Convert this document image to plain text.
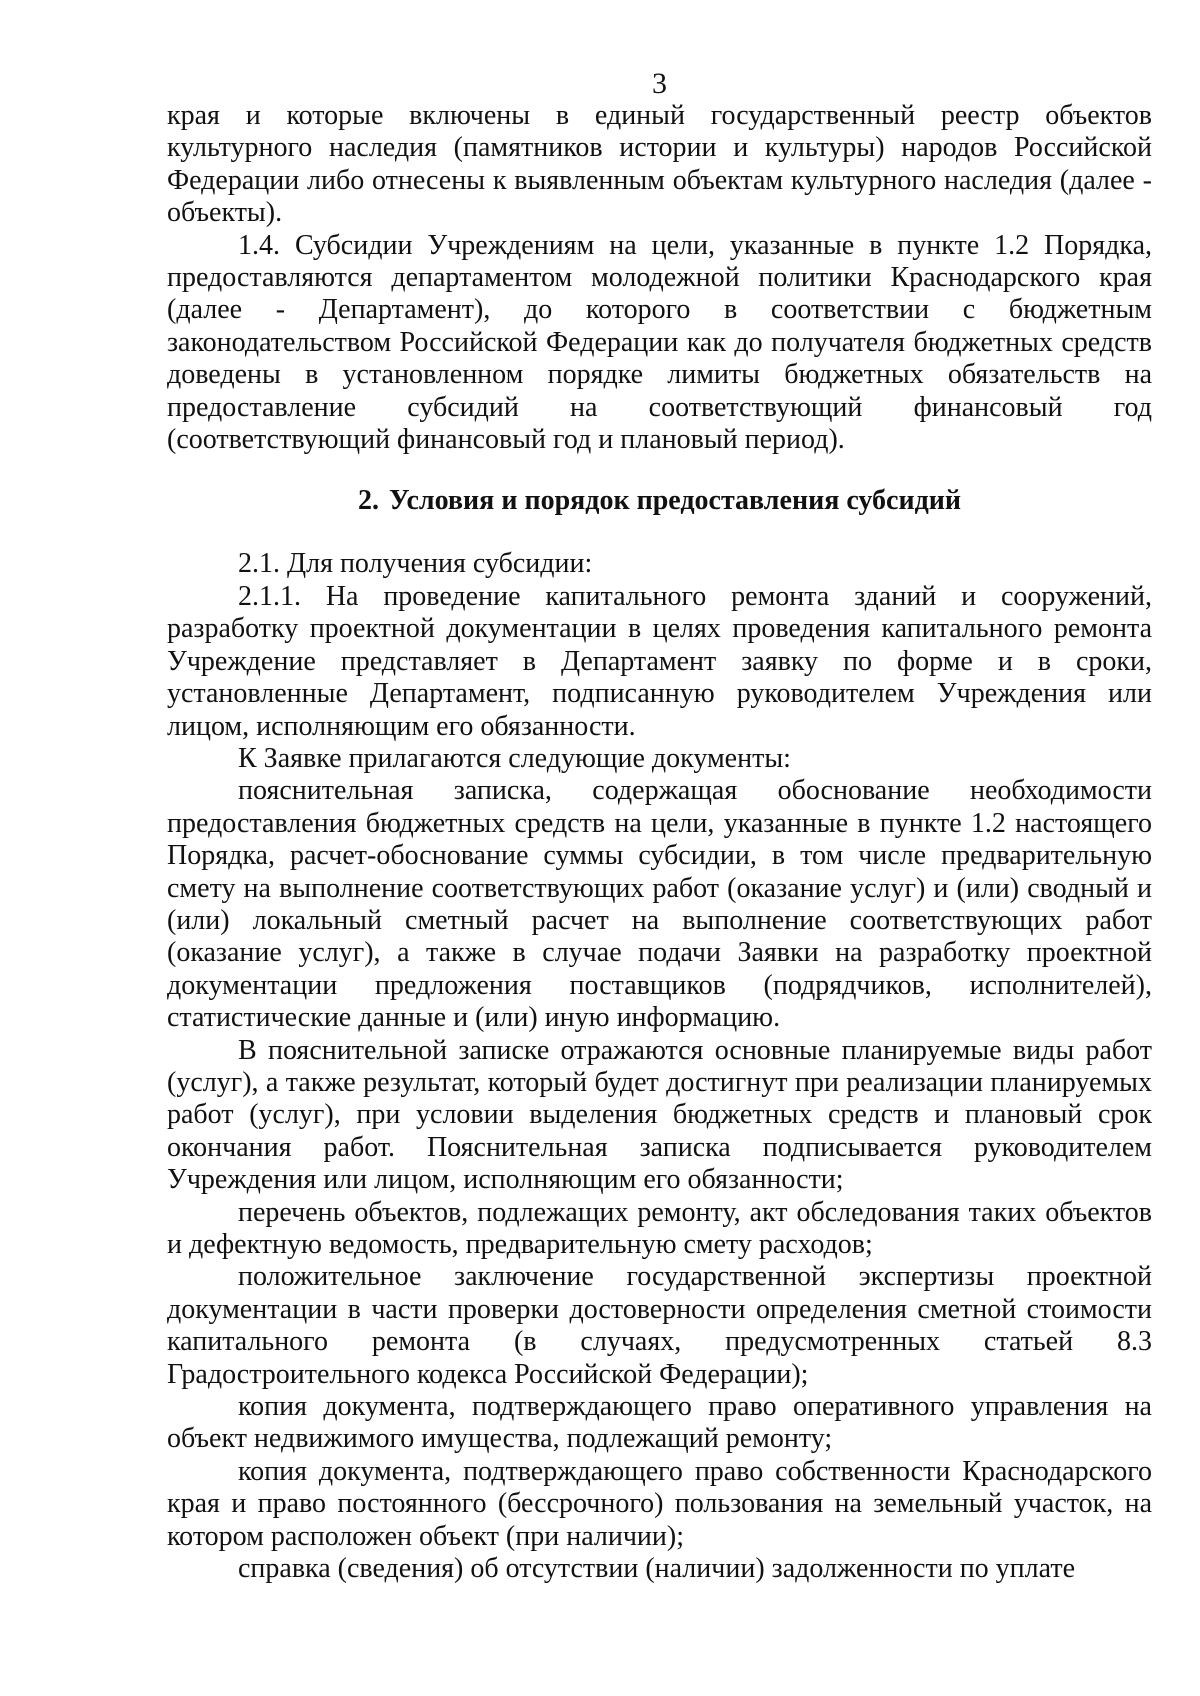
3

края и которые включены в единый государственный реестр объектов культурного наследия (памятников истории и культуры) народов Российской Федерации либо отнесены к выявленным объектам культурного наследия (далее - объекты).

1.4. Субсидии Учреждениям на цели, указанные в пункте 1.2 Порядка, предоставляются департаментом молодежной политики Краснодарского края (далее - Департамент), до которого в соответствии с бюджетным законодательством Российской Федерации как до получателя бюджетных средств доведены в установленном порядке лимиты бюджетных обязательств на предоставление субсидий на соответствующий финансовый год (соответствующий финансовый год и плановый период).

2. Условия и порядок предоставления субсидий

2.1. Для получения субсидии:

2.1.1. На проведение капитального ремонта зданий и сооружений, разработку проектной документации в целях проведения капитального ремонта Учреждение представляет в Департамент заявку по форме и в сроки, установленные Департамент, подписанную руководителем Учреждения или лицом, исполняющим его обязанности.

К Заявке прилагаются следующие документы:

пояснительная записка, содержащая обоснование необходимости предоставления бюджетных средств на цели, указанные в пункте 1.2 настоящего Порядка, расчет-обоснование суммы субсидии, в том числе предварительную смету на выполнение соответствующих работ (оказание услуг) и (или) сводный и (или) локальный сметный расчет на выполнение соответствующих работ (оказание услуг), а также в случае подачи Заявки на разработку проектной документации предложения поставщиков (подрядчиков, исполнителей), статистические данные и (или) иную информацию.

В пояснительной записке отражаются основные планируемые виды работ (услуг), а также результат, который будет достигнут при реализации планируемых работ (услуг), при условии выделения бюджетных средств и плановый срок окончания работ. Пояснительная записка подписывается руководителем Учреждения или лицом, исполняющим его обязанности;

перечень объектов, подлежащих ремонту, акт обследования таких объектов и дефектную ведомость, предварительную смету расходов;

положительное заключение государственной экспертизы проектной документации в части проверки достоверности определения сметной стоимости капитального ремонта (в случаях, предусмотренных статьей 8.3 Градостроительного кодекса Российской Федерации);

копия документа, подтверждающего право оперативного управления на объект недвижимого имущества, подлежащий ремонту;

копия документа, подтверждающего право собственности Краснодарского края и право постоянного (бессрочного) пользования на земельный участок, на котором расположен объект (при наличии);

справка (сведения) об отсутствии (наличии) задолженности по уплате
